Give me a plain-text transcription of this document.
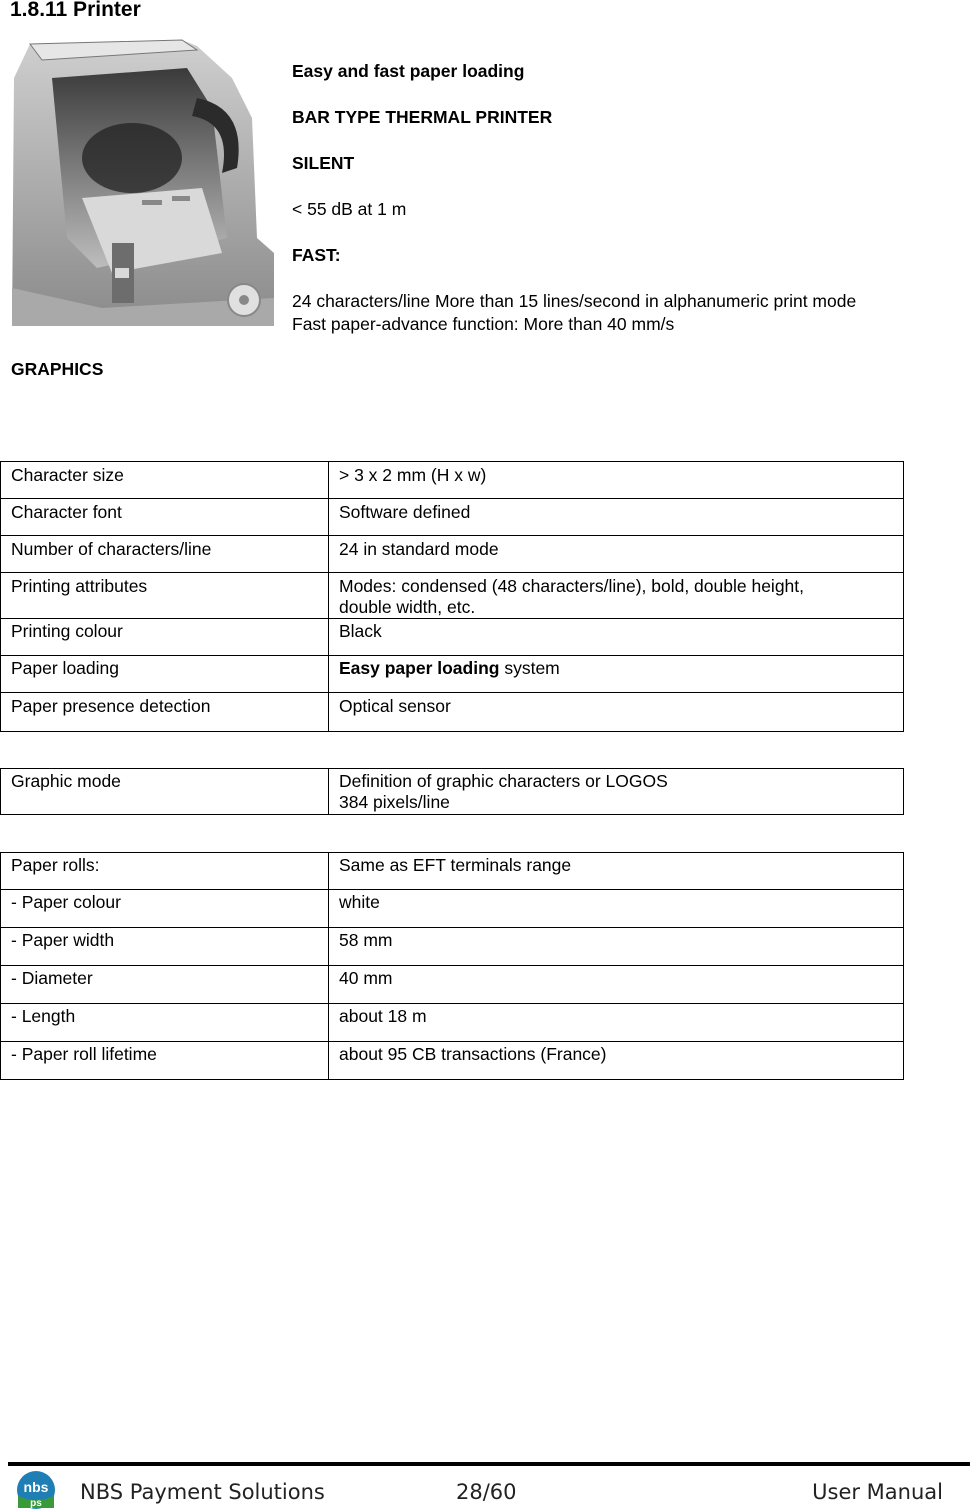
1.8.11 Printer
Easy and fast paper loading

BAR TYPE THERMAL PRINTER

SILENT

< 55 dB at 1 m

FAST:

24 characters/line More than 15 lines/second in alphanumeric print mode
Fast paper-advance function: More than 40 mm/s
GRAPHICS
Character size	> 3 x 2 mm (H x w)
Character font	Software defined
Number of characters/line	24 in standard mode
Printing attributes	Modes: condensed (48 characters/line), bold, double height,
double width, etc.

Printing colour	Black
Paper loading	Easy paper loading system
Paper presence detection	Optical sensor
Graphic mode	Definition of graphic characters or LOGOS
384 pixels/line
Paper rolls:	Same as EFT terminals range
- Paper colour	white
- Paper width	58 mm
- Diameter	40 mm
- Length	about 18 m
- Paper roll lifetime	about 95 CB transactions (France)
nbs
ps NBS Payment Solutions	28/60	User Manual
